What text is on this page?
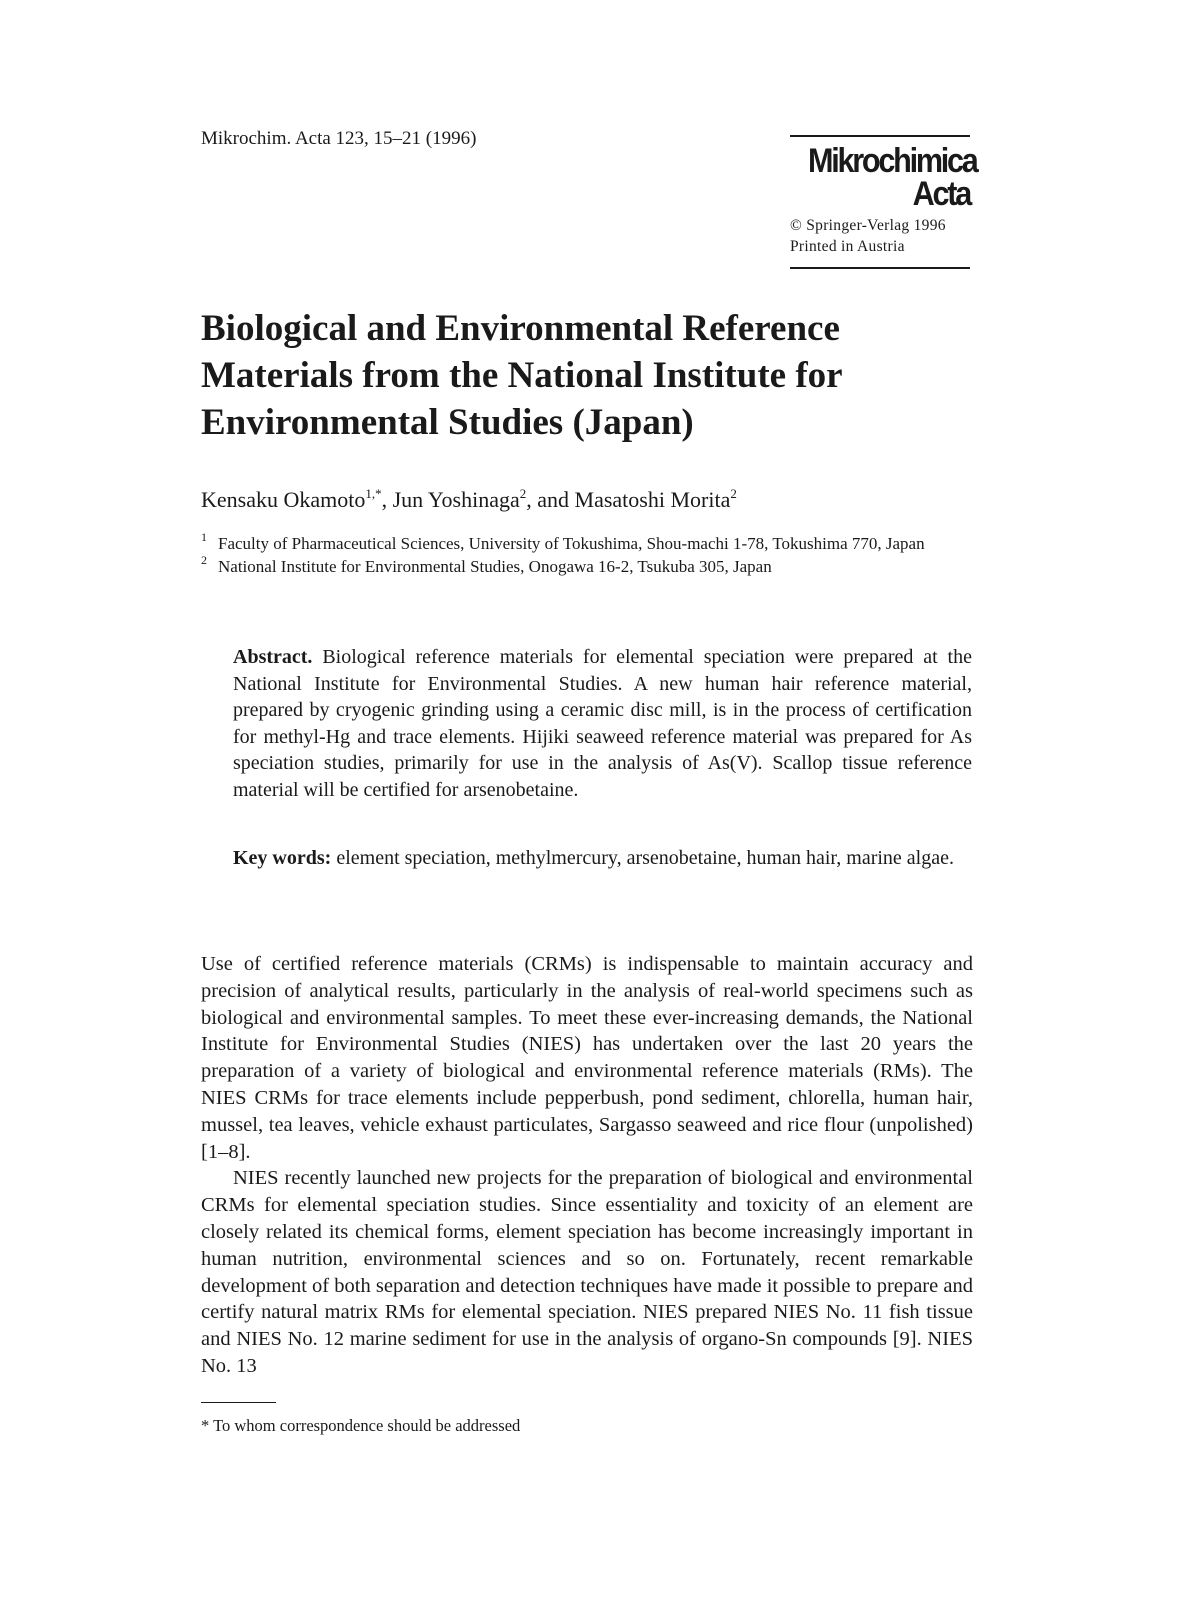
Mikrochim. Acta 123, 15–21 (1996)
Mikrochimica
Acta
© Springer-Verlag 1996
Printed in Austria
Biological and Environmental Reference Materials from the National Institute for Environmental Studies (Japan)

Kensaku Okamoto$^{1,*}$, Jun Yoshinaga$^2$, and Masatoshi Morita$^2$

1 Faculty of Pharmaceutical Sciences, University of Tokushima, Shou-machi 1-78, Tokushima 770, Japan
2 National Institute for Environmental Studies, Onogawa 16-2, Tsukuba 305, Japan

Abstract. Biological reference materials for elemental speciation were prepared at the National Institute for Environmental Studies. A new human hair reference material, prepared by cryogenic grinding using a ceramic disc mill, is in the process of certification for methyl-Hg and trace elements. Hijiki seaweed reference material was prepared for As speciation studies, primarily for use in the analysis of As(V). Scallop tissue reference material will be certified for arsenobetaine.

Key words: element speciation, methylmercury, arsenobetaine, human hair, marine algae.

Use of certified reference materials (CRMs) is indispensable to maintain accuracy and precision of analytical results, particularly in the analysis of real-world specimens such as biological and environmental samples. To meet these ever-increasing demands, the National Institute for Environmental Studies (NIES) has undertaken over the last 20 years the preparation of a variety of biological and environmental reference materials (RMs). The NIES CRMs for trace elements include pepperbush, pond sediment, chlorella, human hair, mussel, tea leaves, vehicle exhaust particulates, Sargasso seaweed and rice flour (unpolished) [1–8].

NIES recently launched new projects for the preparation of biological and environmental CRMs for elemental speciation studies. Since essentiality and toxicity of an element are closely related its chemical forms, element speciation has become increasingly important in human nutrition, environmental sciences and so on. Fortunately, recent remarkable development of both separation and detection techniques have made it possible to prepare and certify natural matrix RMs for elemental speciation. NIES prepared NIES No. 11 fish tissue and NIES No. 12 marine sediment for use in the analysis of organo-Sn compounds [9]. NIES No. 13

* To whom correspondence should be addressed
